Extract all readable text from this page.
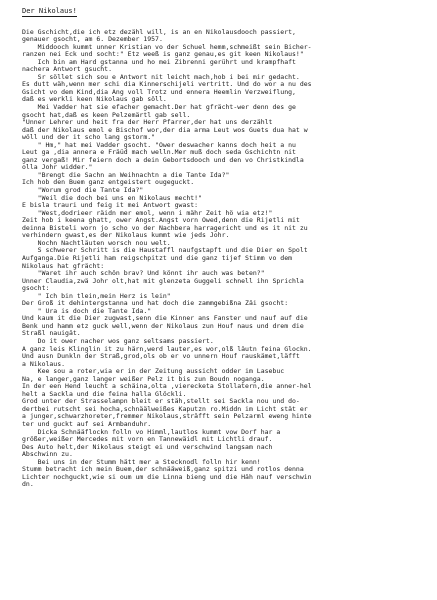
Der Nikolaus!
Die Gschicht,die ich etz dezähl will, is an en Nikolausdooch passiert,
genauer gsocht, am 6. Dezember 1957.
Middooch kummt unner Kristian vo der Schuel hemm,schmeißt sein Bicher-
ranzen nei Eck und socht:" Etz weeß is ganz genau,es git keen Nikolaus!"
Ich bin am Hard gstanna und ho mei Zibrenni gerührt und krampfhaft
nachera Antwort gsucht.
Sr söllet sich sou e Antwort nit leicht mach,hob i bei mir gedacht.
Es dutt wäh,wenn mer schi dia Kinnerschijeli vertritt. Und do wor a nu des
Gsicht vo dem Kind,dia Ang voll Trotz und ennera Heemlin Verzweiflung,
daß es werkli keen Nikolaus gab söll.
Mei Vadder hat sie efacher gemacht.Der hat gfrächt-wer denn des ge
gsocht hat,daß es keen Pelzemärtl gab sell.
"Unner Lehrer und heit fra der Herr Pfarrer,der hat uns derzählt
daß der Nikolaus emol e Bischof wor,der dia arma Leut wos Guets dua hat w
wöll und der it scho lang gstorm."
" Hm," hat mei Vadder gsocht. "Ower deswacher kanns doch heit a nu
Leut ga ,dia annera e Fräüd mach welln.Mer muß doch seda Gschichtn nit
ganz vergaß! Mir feiern doch a dein Gebortsdooch und den vo Christkindla
olla Johr widder."
"Brengt die Sachn an Weihnachtn a die Tante Ida?"
Ich hob den Buem ganz entgeistert ougeguckt.
"Worum grod die Tante Ida?"
"Weil die doch bei uns en Nikolaus mecht!"
E bisla trauri und feig it mei Antwort gwast:
"West,dodrieer räidn mer emol, wenn i mähr Zeit hö wia etz!"
Zeit hob i keena ghatt, ower Angst.Angst vorn Owed,denn die Rijetli mit
deinna Bisteli worn jo scho vo der Nachbera harragericht und es it nit zu
verhindern gwast,es der Nikolaus kummt wie jeds Johr.
Nochn Nachtläuten worsch nou welt.
S schwerer Schritt is die Haustaffl naufgstapft und die Dier en Spolt
Aufganga.Die Rijetli ham reigschpitzt und die ganz tijef Stimm vo dem
Nikolaus hat gfrächt:
"Waret ihr auch schön brav? Und könnt ihr auch was beten?"
Unner Claudia,zwä Johr olt,hat mit glenzeta Guggeli schnell ihn Sprichla
gsocht:
" Ich bin tlein,mein Herz is lein"
Der Groß it dehintergstanna und hat doch die zammgebißna Zäi gsocht:
" Ura is doch die Tante Ida."
Und kaum it die Dier zugwast,senn die Kinner ans Fanster und nauf auf die
Benk und hamm etz guck well,wenn der Nikolaus zun Houf naus und drem die
Straßl nauigät.
Do it ower nacher wos ganz seltsams passiert.
A ganz leis Klinglin it zu härn,werd lauter,es wor,olß läutn feina Glockn.
Und ausn Dunkln der Straß,grod,ols ob er vo unnern Houf rauskämet,läfft
a Nikolaus.
Kee sou a roter,wia er in der Zeitung aussicht odder im Lasebuc
Na, e langer,ganz langer weißer Pelz it bis zun Boudn noganga.
In der een Hend leucht a schäina,olta ,vierecketa Stollatern,die anner-hel
helt a Sackla und die feina halla Glöckli.
Grod unter der Strasselampn bleit er stäh,stellt sei Sackla nou und do-
dertbei rutscht sei hocha,schnäälweißes Kaputzn ro.Middn im Licht stät er
a junger,schwarzhoreter,fremmer Nikolaus,sträfft sein Pelzarml eweng hinte
ter und guckt auf sei Armbanduhr.
Dicka Schnääflockn folln vo Himml,lautlos kummt vow Dorf har a
größer,weißer Mercedes mit vorn en Tannewäidl mit Lichtli drauf.
Des Auto helt,der Nikolaus steigt ei und verschwind langsam nach
Abschwinn zu.
Bei uns in der Stumm hätt mer a Stecknodl folln hir kenn!
Stumm betracht ich mein Buem,der schnääweiß,ganz spitzi und rotlos denna
Lichter nochguckt,wie si oum um die Linna bieng und die Häh nauf verschwin
dn.
